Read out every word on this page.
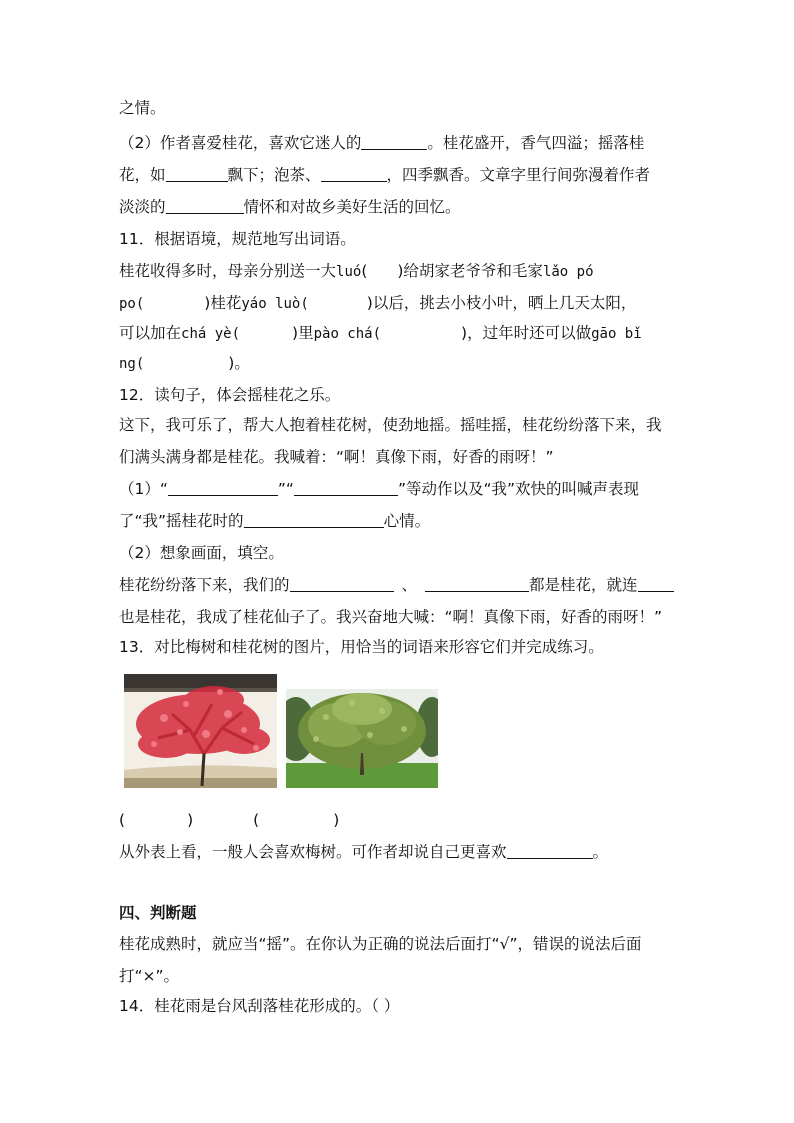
之情。
（2）作者喜爱桂花，喜欢它迷人的	。桂花盛开，香气四溢；摇落桂
花，如	飘下；泡茶、	，四季飘香。文章字里行间弥漫着作者
淡淡的	情怀和对故乡美好生活的回忆。
11．根据语境，规范地写出词语。
桂花收得多时，母亲分别送一大luó( )给胡家老爷爷和毛家lǎo pó
po(	)桂花yáo luò(	)以后，挑去小枝小叶，晒上几天太阳，
可以加在chá yè(	)里pào chá(	)，过年时还可以做gāo bǐ
ng(	)。
12．读句子，体会摇桂花之乐。
这下，我可乐了，帮大人抱着桂花树，使劲地摇。摇哇摇，桂花纷纷落下来，我
们满头满身都是桂花。我喊着：“啊！真像下雨，好香的雨呀！”
（1）“	”“	”等动作以及“我”欢快的叫喊声表现
了“我”摇桂花时的	心情。
（2）想象画面，填空。
桂花纷纷落下来，我们的	、	都是桂花，就连
也是桂花，我成了桂花仙子了。我兴奋地大喊：“啊！真像下雨，好香的雨呀！”
13．对比梅树和桂花树的图片，用恰当的词语来形容它们并完成练习。
(	)	(	)
从外表上看，一般人会喜欢梅树。可作者却说自己更喜欢	。
四、判断题
桂花成熟时，就应当“摇”。在你认为正确的说法后面打“√”，错误的说法后面
打“×”。
14．桂花雨是台风刮落桂花形成的。（ ）
